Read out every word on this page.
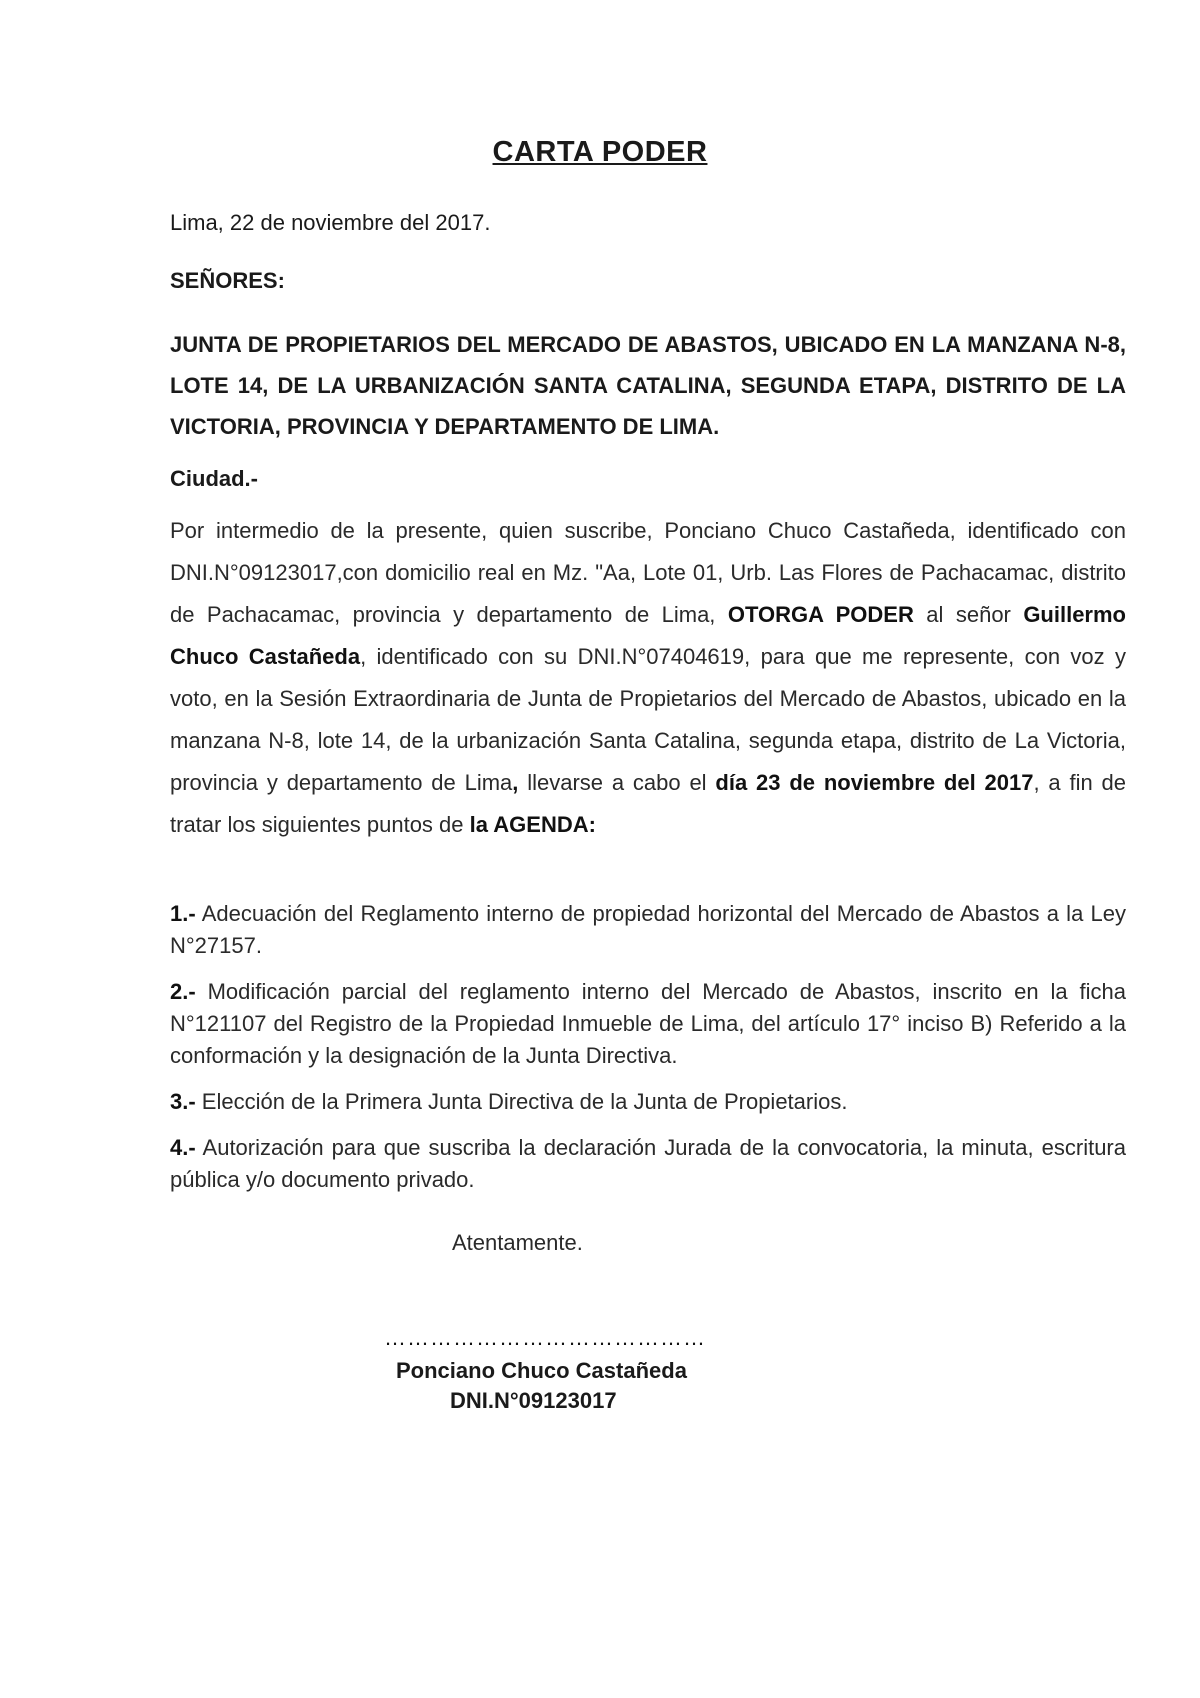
CARTA PODER
Lima, 22 de noviembre del 2017.
SEÑORES:
JUNTA DE PROPIETARIOS DEL MERCADO DE ABASTOS, UBICADO EN LA MANZANA N-8, LOTE 14, DE LA URBANIZACIÓN SANTA CATALINA, SEGUNDA ETAPA, DISTRITO DE LA VICTORIA, PROVINCIA Y DEPARTAMENTO DE LIMA.
Ciudad.-
Por intermedio de la presente, quien suscribe, Ponciano Chuco Castañeda, identificado con DNI.N°09123017,con domicilio real en Mz. "Aa, Lote 01, Urb. Las Flores de Pachacamac, distrito de Pachacamac, provincia y departamento de Lima, OTORGA PODER al señor Guillermo Chuco Castañeda, identificado con su DNI.N°07404619, para que me represente, con voz y voto, en la Sesión Extraordinaria de Junta de Propietarios del Mercado de Abastos, ubicado en la manzana N-8, lote 14, de la urbanización Santa Catalina, segunda etapa, distrito de La Victoria, provincia y departamento de Lima, llevarse a cabo el día 23 de noviembre del 2017, a fin de tratar los siguientes puntos de la AGENDA:
1.- Adecuación del Reglamento interno de propiedad horizontal del Mercado de Abastos a la Ley N°27157.
2.- Modificación parcial del reglamento interno del Mercado de Abastos, inscrito en la ficha N°121107 del Registro de la Propiedad Inmueble de Lima, del artículo 17° inciso B) Referido a la conformación y la designación de la Junta Directiva.
3.- Elección de la Primera Junta Directiva de la Junta de Propietarios.
4.- Autorización para que suscriba la declaración Jurada de la convocatoria, la minuta, escritura pública y/o documento privado.
Atentamente.
……………………………………
Ponciano Chuco Castañeda
DNI.N°09123017
